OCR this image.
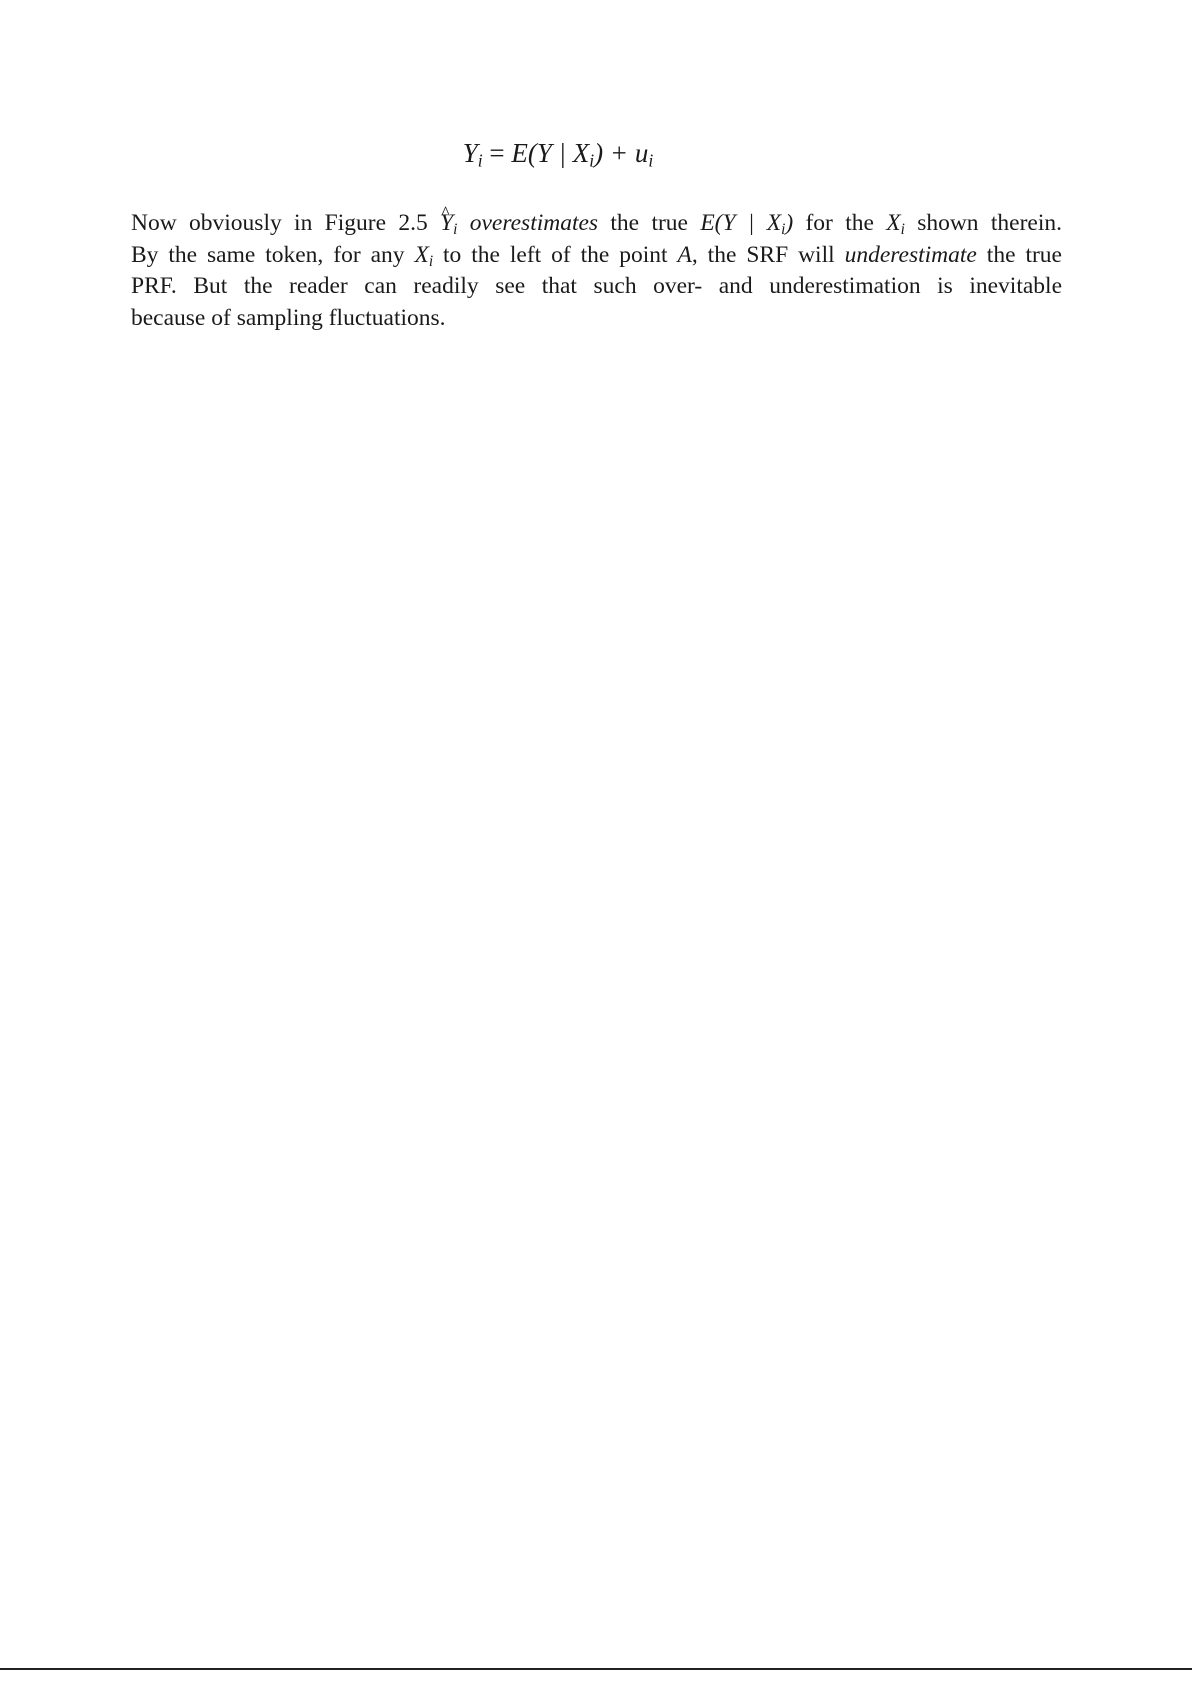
$Y_i = E(Y$ | $X_i) + u_i$
Now obviously in Figure 2.5 ^ $Y_i$ overestimates the true E(Y | $X_i$) for the $X_i$ shown therein.
By the same token, for any $X_i$ to the left of the point A, the SRF will underestimate the true
PRF. But the reader can readily see that such over- and underestimation is inevitable
because of sampling fluctuations.
